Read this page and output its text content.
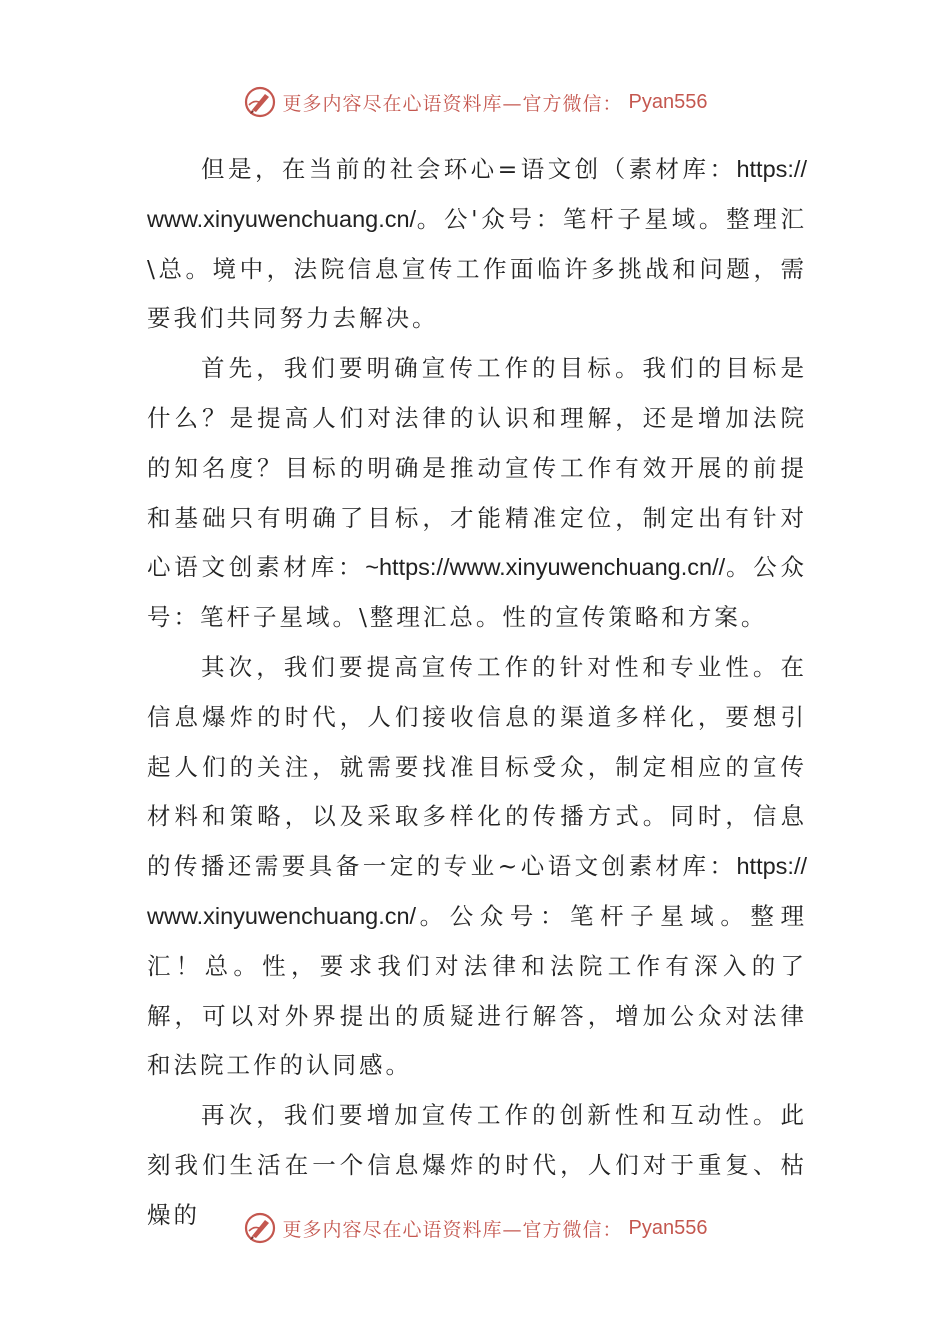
更多内容尽在心语资料库—官方微信： Pyan556

但是，在当前的社会环心=语文创（素材库：https://www.xinyuwenchuang.cn/。公'众号：笔杆子星域。整理汇\总。境中，法院信息宣传工作面临许多挑战和问题，需要我们共同努力去解决。

首先，我们要明确宣传工作的目标。我们的目标是什么？是提高人们对法律的认识和理解，还是增加法院的知名度？目标的明确是推动宣传工作有效开展的前提和基础只有明确了目标，才能精准定位，制定出有针对心语文创素材库：~https://www.xinyuwenchuang.cn//。公众号：笔杆子星域。\整理汇总。性的宣传策略和方案。

其次，我们要提高宣传工作的针对性和专业性。在信息爆炸的时代，人们接收信息的渠道多样化，要想引起人们的关注，就需要找准目标受众，制定相应的宣传材料和策略，以及采取多样化的传播方式。同时，信息的传播还需要具备一定的专业~心语文创素材库：https://www.xinyuwenchuang.cn/。公众号：笔杆子星域。整理汇！总。性，要求我们对法律和法院工作有深入的了解，可以对外界提出的质疑进行解答，增加公众对法律和法院工作的认同感。

再次，我们要增加宣传工作的创新性和互动性。此刻我们生活在一个信息爆炸的时代，人们对于重复、枯燥的

更多内容尽在心语资料库—官方微信： Pyan556
